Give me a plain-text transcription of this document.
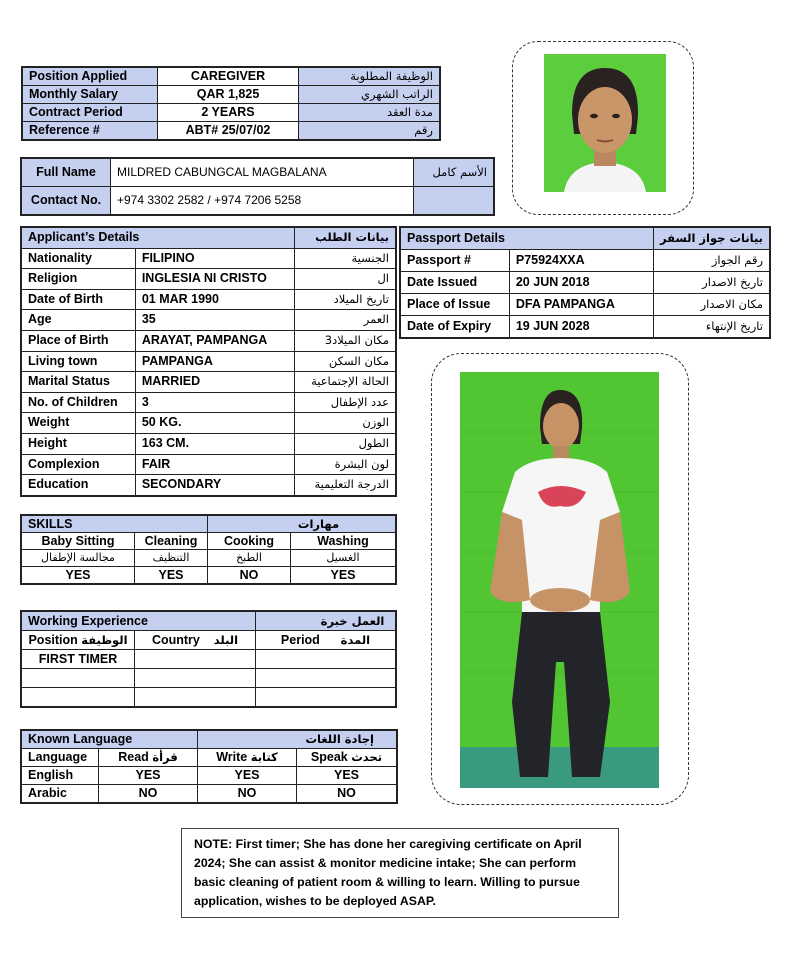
Position Applied	CAREGIVER	الوظيفة المطلوبة
Monthly Salary	QAR 1,825	الراتب الشهري
Contract Period	2 YEARS	مدة العقد
Reference #	ABT# 25/07/02	رقم
Full Name	MILDRED CABUNGCAL MAGBALANA	الأسم كامل
Contact No.	+974 3302 2582 / +974 7206 5258	
Applicant’s Details		بيانات الطلب
Nationality	FILIPINO	الجنسية
Religion	INGLESIA NI CRISTO	ال
Date of Birth	01 MAR 1990	تاريخ الميلاد
Age	35	العمر
Place of Birth	ARAYAT, PAMPANGA	مكان الميلاد3
Living town	PAMPANGA	مكان السكن
Marital Status	MARRIED	الحالة الإجتماعية
No. of Children	3	عدد الإطفال
Weight	50 KG.	الوزن
Height	163 CM.	الطول
Complexion	FAIR	لون البشرة
Education	SECONDARY	الدرجة التعليمية
Passport Details		بيانات جواز السفر
Passport #	P75924XXA	رقم الجواز
Date Issued	20 JUN 2018	تاريخ الاصدار
Place of Issue	DFA PAMPANGA	مكان الاصدار
Date of Expiry	19 JUN 2028	تاريخ الإنتهاء
SKILLS		مهارات	
Baby Sitting	Cleaning	Cooking	Washing
مجالسة الإطفال	التنظيف	الطبخ	الغسيل
YES	YES	NO	YES
Working Experience		العمل خبرة
Position الوظيفة	Country البلد	Period المدة
FIRST TIMER		

Known Language		إجادة اللغات	
Language	Read قرأة	Write كتابة	Speak تحدث
English	YES	YES	YES
Arabic	NO	NO	NO
NOTE: First timer; She has done her caregiving certificate on April 2024; She can assist & monitor medicine intake; She can perform basic cleaning of patient room & willing to learn. Willing to pursue application, wishes to be deployed ASAP.
